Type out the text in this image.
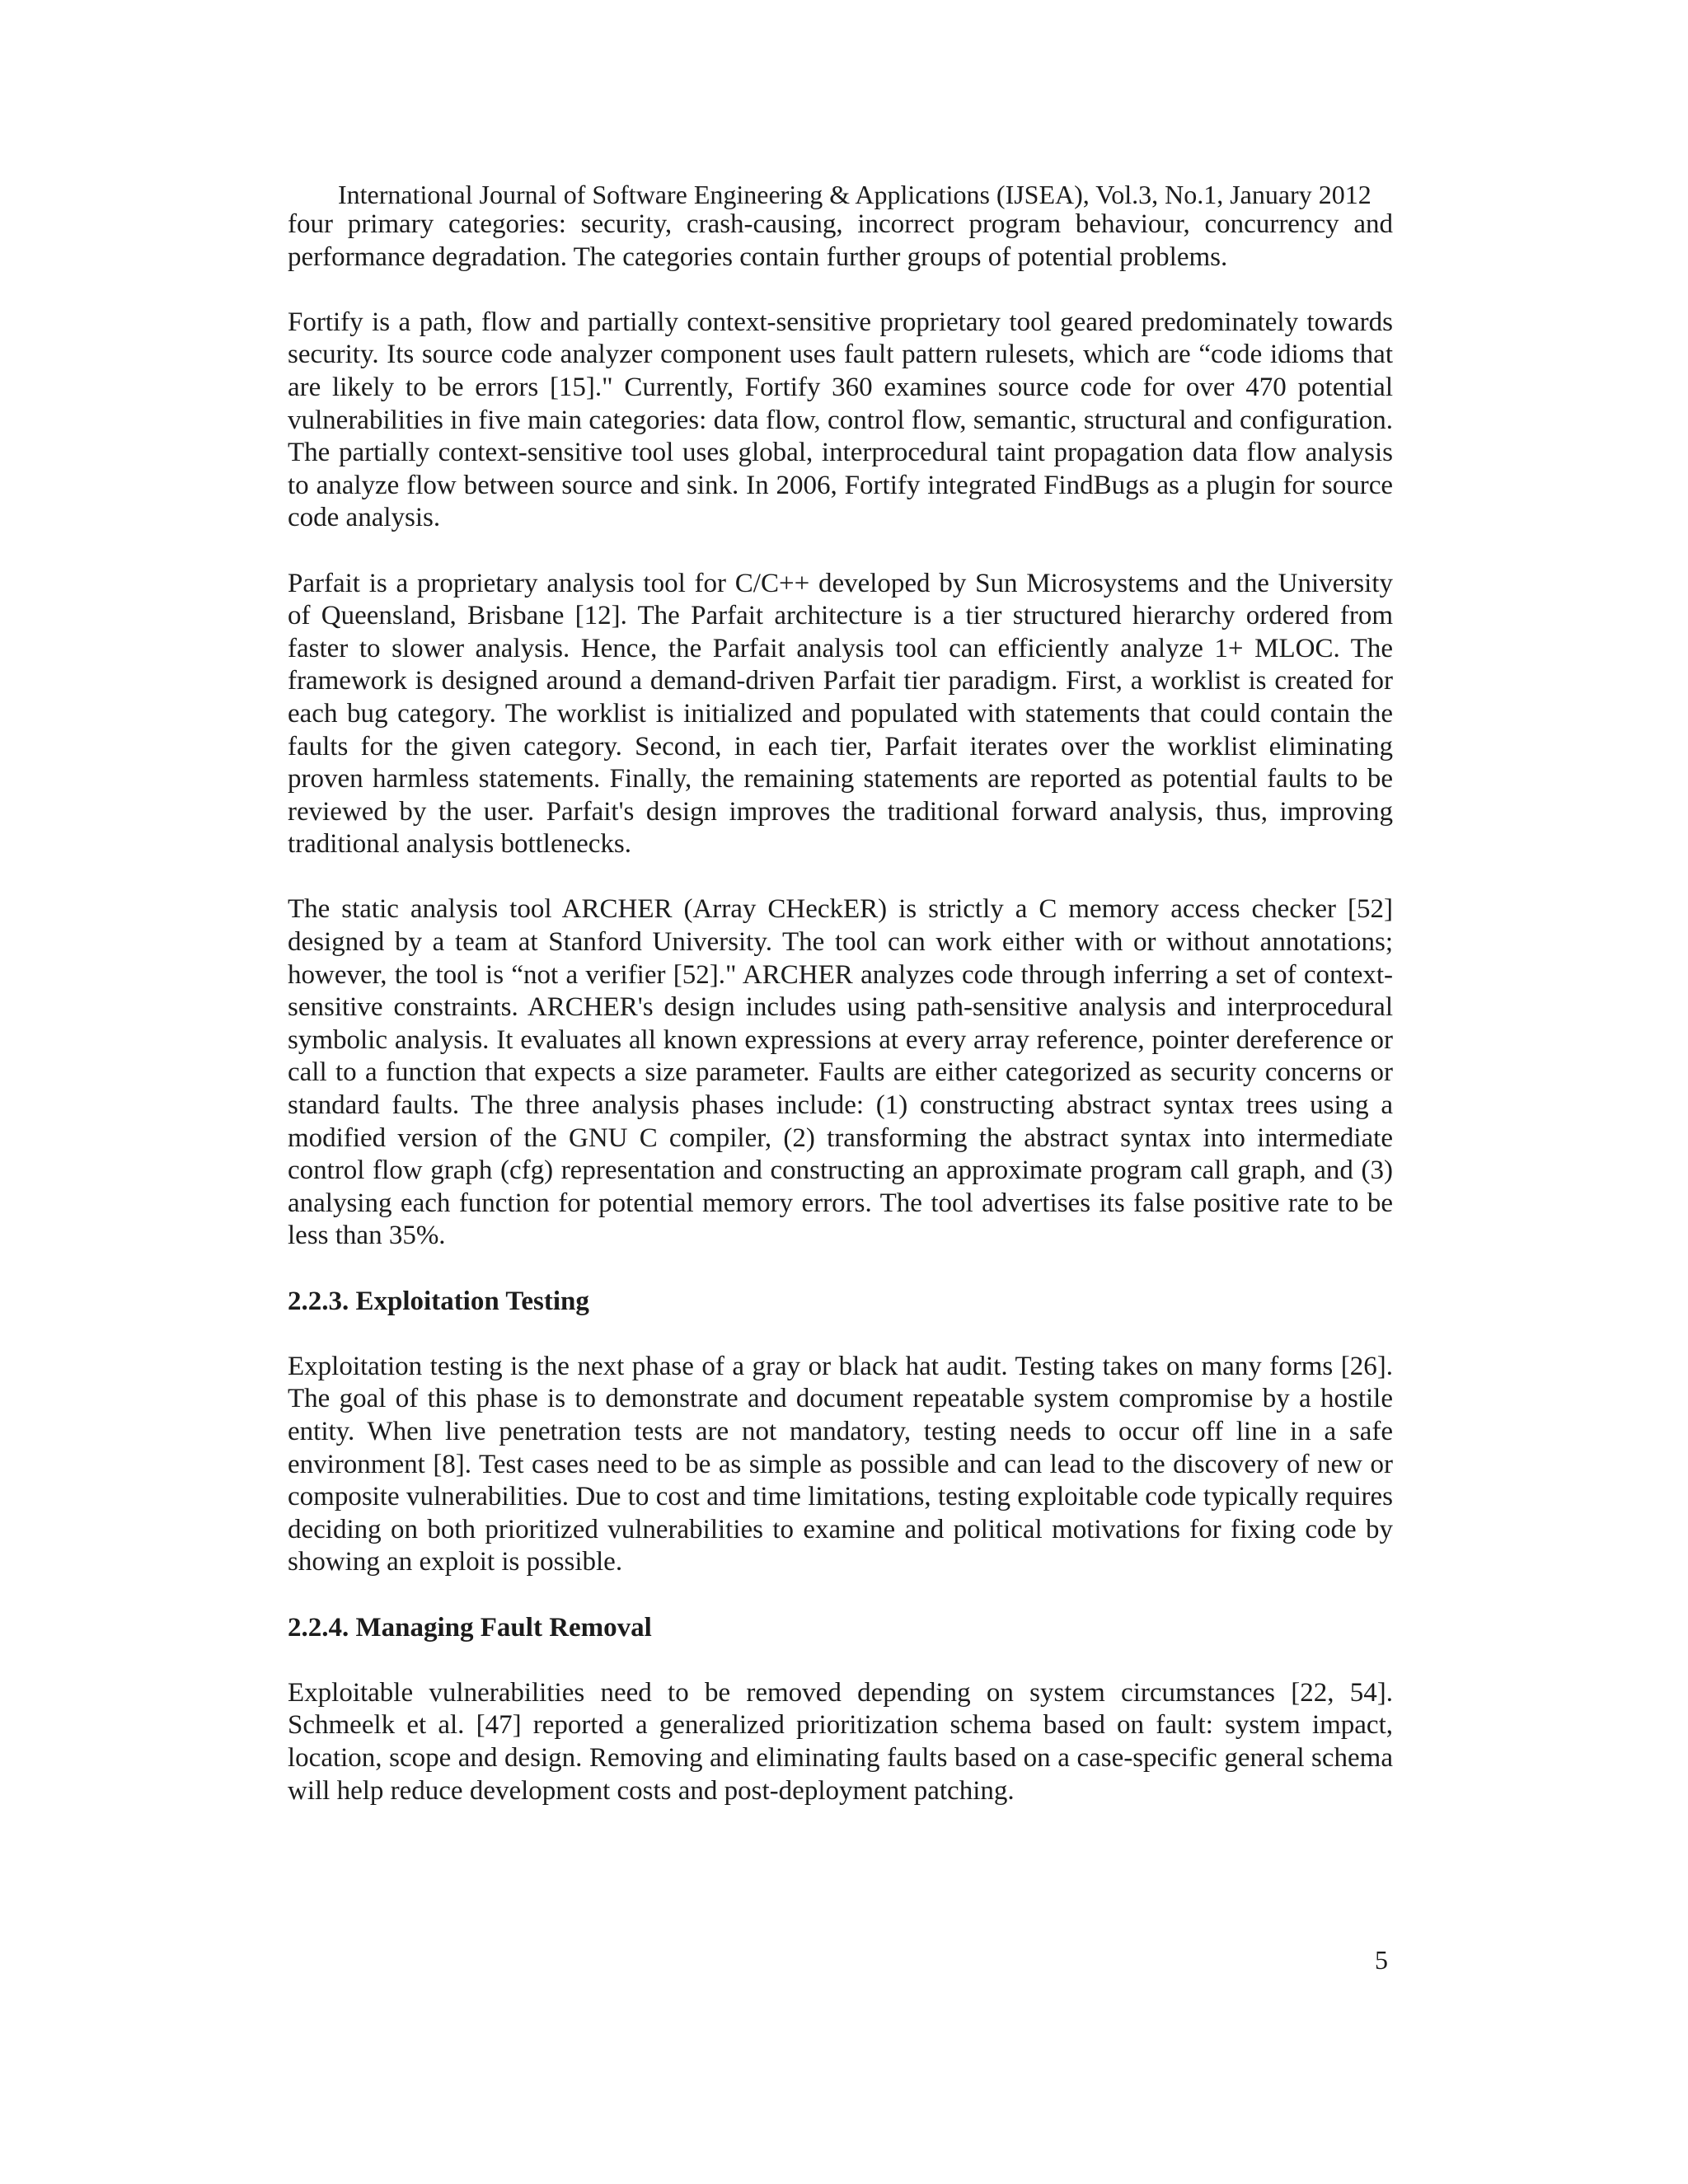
International Journal of Software Engineering & Applications (IJSEA), Vol.3, No.1, January 2012

four primary categories: security, crash-causing, incorrect program behaviour, concurrency and performance degradation. The categories contain further groups of potential problems.

Fortify is a path, flow and partially context-sensitive proprietary tool geared predominately towards security. Its source code analyzer component uses fault pattern rulesets, which are “code idioms that are likely to be errors [15]." Currently, Fortify 360 examines source code for over 470 potential vulnerabilities in five main categories: data flow, control flow, semantic, structural and configuration. The partially context-sensitive tool uses global, interprocedural taint propagation data flow analysis to analyze flow between source and sink. In 2006, Fortify integrated FindBugs as a plugin for source code analysis.

Parfait is a proprietary analysis tool for C/C++ developed by Sun Microsystems and the University of Queensland, Brisbane [12]. The Parfait architecture is a tier structured hierarchy ordered from faster to slower analysis. Hence, the Parfait analysis tool can efficiently analyze 1+ MLOC. The framework is designed around a demand-driven Parfait tier paradigm. First, a worklist is created for each bug category. The worklist is initialized and populated with statements that could contain the faults for the given category. Second, in each tier, Parfait iterates over the worklist eliminating proven harmless statements. Finally, the remaining statements are reported as potential faults to be reviewed by the user. Parfait's design improves the traditional forward analysis, thus, improving traditional analysis bottlenecks.

The static analysis tool ARCHER (Array CHeckER) is strictly a C memory access checker [52] designed by a team at Stanford University. The tool can work either with or without annotations; however, the tool is “not a verifier [52]." ARCHER analyzes code through inferring a set of context-sensitive constraints. ARCHER's design includes using path-sensitive analysis and interprocedural symbolic analysis. It evaluates all known expressions at every array reference, pointer dereference or call to a function that expects a size parameter. Faults are either categorized as security concerns or standard faults. The three analysis phases include: (1) constructing abstract syntax trees using a modified version of the GNU C compiler, (2) transforming the abstract syntax into intermediate control flow graph (cfg) representation and constructing an approximate program call graph, and (3) analysing each function for potential memory errors. The tool advertises its false positive rate to be less than 35%.

2.2.3. Exploitation Testing

Exploitation testing is the next phase of a gray or black hat audit. Testing takes on many forms [26]. The goal of this phase is to demonstrate and document repeatable system compromise by a hostile entity. When live penetration tests are not mandatory, testing needs to occur off line in a safe environment [8]. Test cases need to be as simple as possible and can lead to the discovery of new or composite vulnerabilities. Due to cost and time limitations, testing exploitable code typically requires deciding on both prioritized vulnerabilities to examine and political motivations for fixing code by showing an exploit is possible.

2.2.4. Managing Fault Removal

Exploitable vulnerabilities need to be removed depending on system circumstances [22, 54]. Schmeelk et al. [47] reported a generalized prioritization schema based on fault: system impact, location, scope and design. Removing and eliminating faults based on a case-specific general schema will help reduce development costs and post-deployment patching.

5
